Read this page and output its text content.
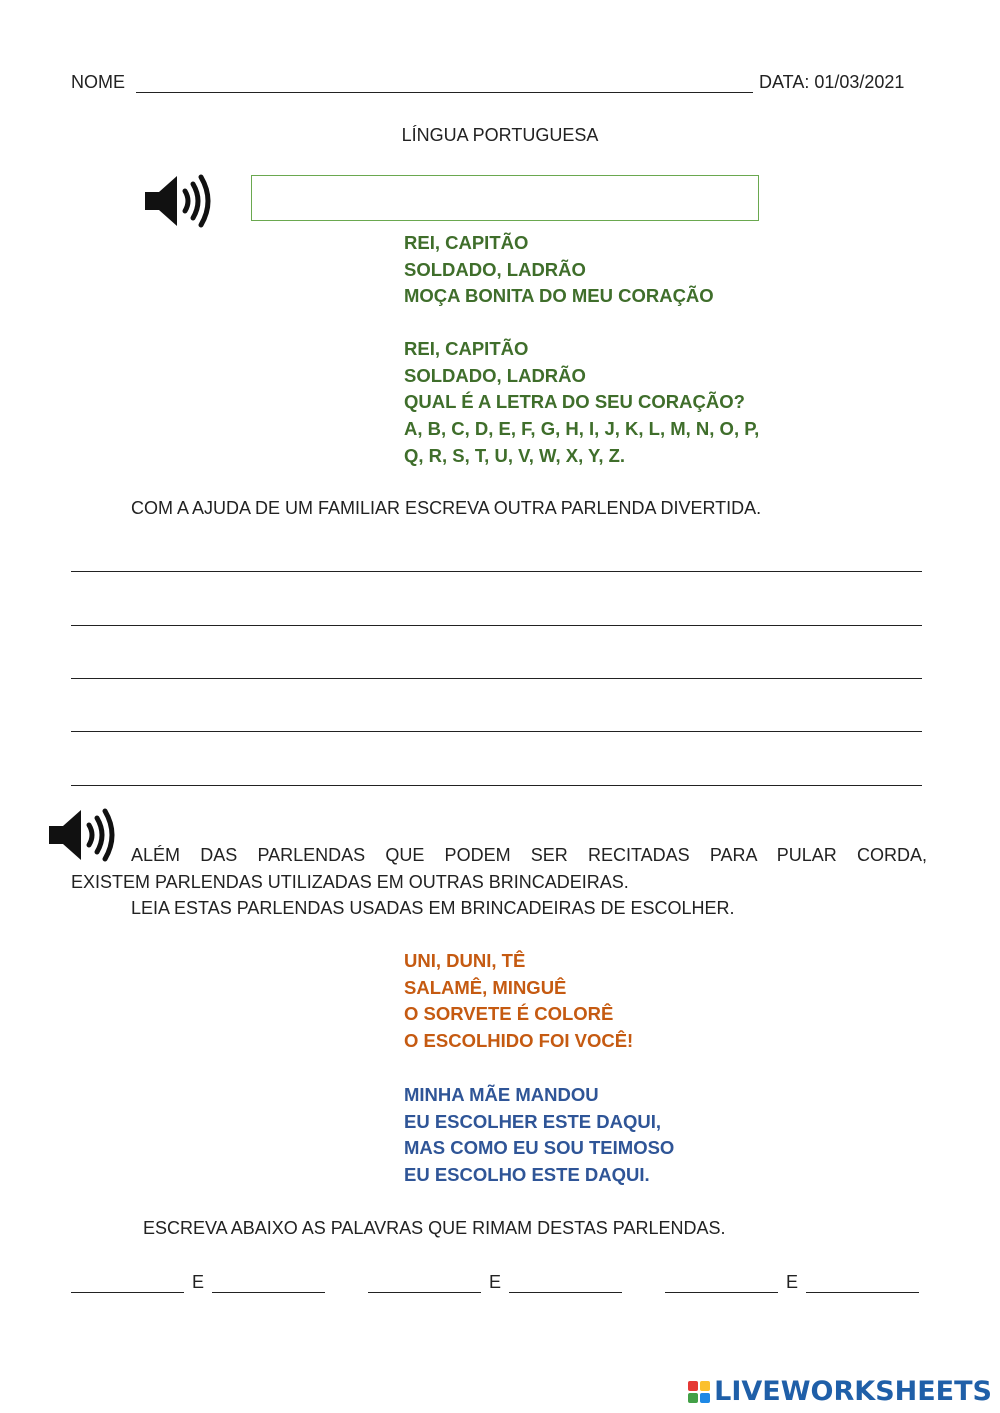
NOME	DATA: 01/03/2021
LÍNGUA PORTUGUESA
REI, CAPITÃO
SOLDADO, LADRÃO
MOÇA BONITA DO MEU CORAÇÃO
REI, CAPITÃO
SOLDADO, LADRÃO
QUAL É A LETRA DO SEU CORAÇÃO?
A, B, C, D, E, F, G, H, I, J, K, L, M, N, O, P,
Q, R, S, T, U, V, W, X, Y, Z.
COM A AJUDA DE UM FAMILIAR ESCREVA OUTRA PARLENDA DIVERTIDA.
ALÉM DAS PARLENDAS QUE PODEM SER RECITADAS PARA PULAR CORDA,
EXISTEM PARLENDAS UTILIZADAS EM OUTRAS BRINCADEIRAS.
LEIA ESTAS PARLENDAS USADAS EM BRINCADEIRAS DE ESCOLHER.
UNI, DUNI, TÊ
SALAMÊ, MINGUÊ
O SORVETE É COLORÊ
O ESCOLHIDO FOI VOCÊ!
MINHA MÃE MANDOU
EU ESCOLHER ESTE DAQUI,
MAS COMO EU SOU TEIMOSO
EU ESCOLHO ESTE DAQUI.
ESCREVA ABAIXO AS PALAVRAS QUE RIMAM DESTAS PARLENDAS.
E	E	E
LIVEWORKSHEETS
